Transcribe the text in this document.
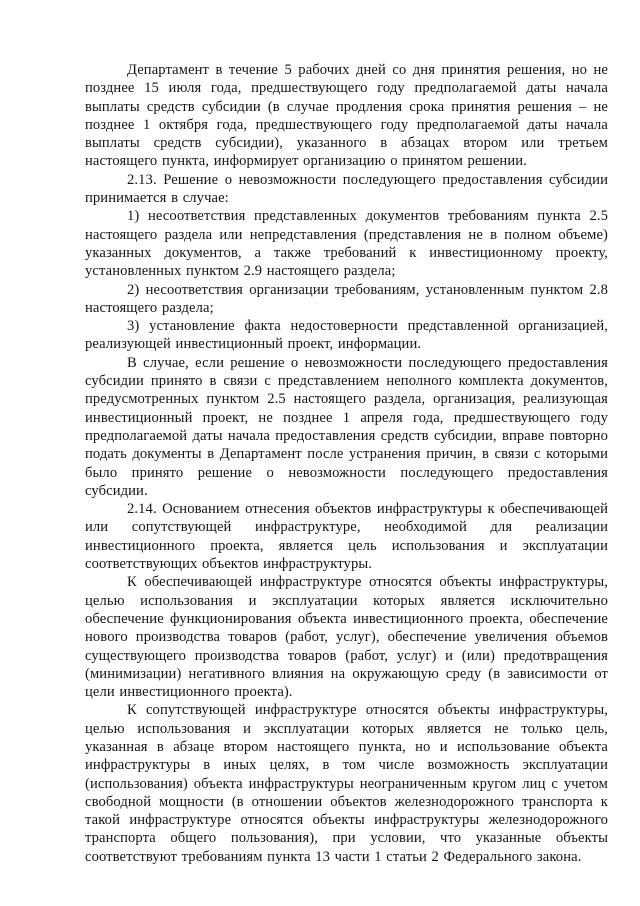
Департамент в течение 5 рабочих дней со дня принятия решения, но не позднее 15 июля года, предшествующего году предполагаемой даты начала выплаты средств субсидии (в случае продления срока принятия решения – не позднее 1 октября года, предшествующего году предполагаемой даты начала выплаты средств субсидии), указанного в абзацах втором или третьем настоящего пункта, информирует организацию о принятом решении.

2.13. Решение о невозможности последующего предоставления субсидии принимается в случае:

1) несоответствия представленных документов требованиям пункта 2.5 настоящего раздела или непредставления (представления не в полном объеме) указанных документов, а также требований к инвестиционному проекту, установленных пунктом 2.9 настоящего раздела;

2) несоответствия организации требованиям, установленным пунктом 2.8 настоящего раздела;

3) установление факта недостоверности представленной организацией, реализующей инвестиционный проект, информации.

В случае, если решение о невозможности последующего предоставления субсидии принято в связи с представлением неполного комплекта документов, предусмотренных пунктом 2.5 настоящего раздела, организация, реализующая инвестиционный проект, не позднее 1 апреля года, предшествующего году предполагаемой даты начала предоставления средств субсидии, вправе повторно подать документы в Департамент после устранения причин, в связи с которыми было принято решение о невозможности последующего предоставления субсидии.

2.14. Основанием отнесения объектов инфраструктуры к обеспечивающей или сопутствующей инфраструктуре, необходимой для реализации инвестиционного проекта, является цель использования и эксплуатации соответствующих объектов инфраструктуры.

К обеспечивающей инфраструктуре относятся объекты инфраструктуры, целью использования и эксплуатации которых является исключительно обеспечение функционирования объекта инвестиционного проекта, обеспечение нового производства товаров (работ, услуг), обеспечение увеличения объемов существующего производства товаров (работ, услуг) и (или) предотвращения (минимизации) негативного влияния на окружающую среду (в зависимости от цели инвестиционного проекта).

К сопутствующей инфраструктуре относятся объекты инфраструктуры, целью использования и эксплуатации которых является не только цель, указанная в абзаце втором настоящего пункта, но и использование объекта инфраструктуры в иных целях, в том числе возможность эксплуатации (использования) объекта инфраструктуры неограниченным кругом лиц с учетом свободной мощности (в отношении объектов железнодорожного транспорта к такой инфраструктуре относятся объекты инфраструктуры железнодорожного транспорта общего пользования), при условии, что указанные объекты соответствуют требованиям пункта 13 части 1 статьи 2 Федерального закона.
